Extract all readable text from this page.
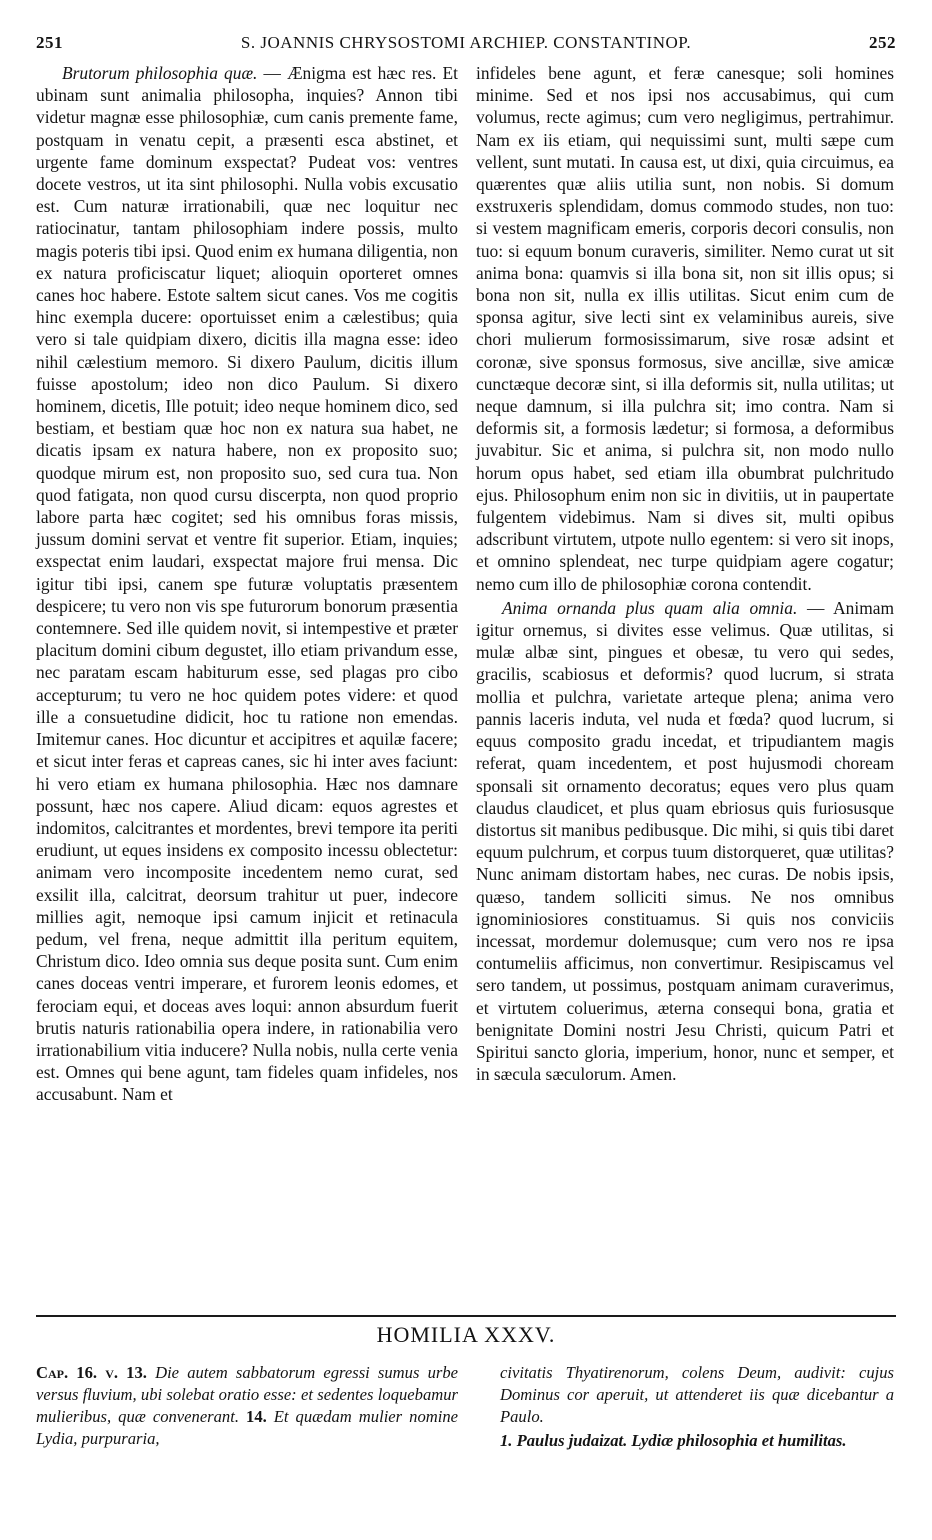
251	S. JOANNIS CHRYSOSTOMI ARCHIEP. CONSTANTINOP.	252

Brutorum philosophia quæ. — Ænigma est hæc res. Et ubinam sunt animalia philosopha, inquies? Annon tibi videtur magnæ esse philosophiæ, cum canis premente fame, postquam in venatu cepit, a præsenti esca abstinet, et urgente fame dominum exspectat? Pudeat vos: ventres docete vestros, ut ita sint philosophi. Nulla vobis excusatio est. Cum naturæ irrationabili, quæ nec loquitur nec ratiocinatur, tantam philosophiam indere possis, multo magis poteris tibi ipsi. Quod enim ex humana diligentia, non ex natura proficiscatur liquet; alioquin oporteret omnes canes hoc habere. Estote saltem sicut canes. Vos me cogitis hinc exempla ducere: oportuisset enim a cælestibus; quia vero si tale quidpiam dixero, dicitis illa magna esse: ideo nihil cælestium memoro. Si dixero Paulum, dicitis illum fuisse apostolum; ideo non dico Paulum. Si dixero hominem, dicetis, Ille potuit; ideo neque hominem dico, sed bestiam, et bestiam quæ hoc non ex natura sua habet, ne dicatis ipsam ex natura habere, non ex proposito suo; quodque mirum est, non proposito suo, sed cura tua. Non quod fatigata, non quod cursu discerpta, non quod proprio labore parta hæc cogitet; sed his omnibus foras missis, jussum domini servat et ventre fit superior. Etiam, inquies; exspectat enim laudari, exspectat majore frui mensa. Dic igitur tibi ipsi, canem spe futuræ voluptatis præsentem despicere; tu vero non vis spe futurorum bonorum præsentia contemnere. Sed ille quidem novit, si intempestive et præter placitum domini cibum degustet, illo etiam privandum esse, nec paratam escam habiturum esse, sed plagas pro cibo accepturum; tu vero ne hoc quidem potes videre: et quod ille a consuetudine didicit, hoc tu ratione non emendas. Imitemur canes. Hoc dicuntur et accipitres et aquilæ facere; et sicut inter feras et capreas canes, sic hi inter aves faciunt: hi vero etiam ex humana philosophia. Hæc nos damnare possunt, hæc nos capere. Aliud dicam: equos agrestes et indomitos, calcitrantes et mordentes, brevi tempore ita periti erudiunt, ut eques insidens ex composito incessu oblectetur: animam vero incomposite incedentem nemo curat, sed exsilit illa, calcitrat, deorsum trahitur ut puer, indecore millies agit, nemoque ipsi camum injicit et retinacula pedum, vel frena, neque admittit illa peritum equitem, Christum dico. Ideo omnia sus deque posita sunt. Cum enim canes doceas ventri imperare, et furorem leonis edomes, et ferociam equi, et doceas aves loqui: annon absurdum fuerit brutis naturis rationabilia opera indere, in rationabilia vero irrationabilium vitia inducere? Nulla nobis, nulla certe venia est. Omnes qui bene agunt, tam fideles quam infideles, nos accusabunt. Nam et

infideles bene agunt, et feræ canesque; soli homines minime. Sed et nos ipsi nos accusabimus, qui cum volumus, recte agimus; cum vero negligimus, pertrahimur. Nam ex iis etiam, qui nequissimi sunt, multi sæpe cum vellent, sunt mutati. In causa est, ut dixi, quia circuimus, ea quærentes quæ aliis utilia sunt, non nobis. Si domum exstruxeris splendidam, domus commodo studes, non tuo: si vestem magnificam emeris, corporis decori consulis, non tuo: si equum bonum curaveris, similiter. Nemo curat ut sit anima bona: quamvis si illa bona sit, non sit illis opus; si bona non sit, nulla ex illis utilitas. Sicut enim cum de sponsa agitur, sive lecti sint ex velaminibus aureis, sive chori mulierum formosissimarum, sive rosæ adsint et coronæ, sive sponsus formosus, sive ancillæ, sive amicæ cunctæque decoræ sint, si illa deformis sit, nulla utilitas; ut neque damnum, si illa pulchra sit; imo contra. Nam si deformis sit, a formosis lædetur; si formosa, a deformibus juvabitur. Sic et anima, si pulchra sit, non modo nullo horum opus habet, sed etiam illa obumbrat pulchritudo ejus. Philosophum enim non sic in divitiis, ut in paupertate fulgentem videbimus. Nam si dives sit, multi opibus adscribunt virtutem, utpote nullo egentem: si vero sit inops, et omnino splendeat, nec turpe quidpiam agere cogatur; nemo cum illo de philosophiæ corona contendit.

Anima ornanda plus quam alia omnia. — Animam igitur ornemus, si divites esse velimus. Quæ utilitas, si mulæ albæ sint, pingues et obesæ, tu vero qui sedes, gracilis, scabiosus et deformis? quod lucrum, si strata mollia et pulchra, varietate arteque plena; anima vero pannis laceris induta, vel nuda et fœda? quod lucrum, si equus composito gradu incedat, et tripudiantem magis referat, quam incedentem, et post hujusmodi choream sponsali sit ornamento decoratus; eques vero plus quam claudus claudicet, et plus quam ebriosus quis furiosusque distortus sit manibus pedibusque. Dic mihi, si quis tibi daret equum pulchrum, et corpus tuum distorqueret, quæ utilitas? Nunc animam distortam habes, nec curas. De nobis ipsis, quæso, tandem solliciti simus. Ne nos omnibus ignominiosiores constituamus. Si quis nos conviciis incessat, mordemur dolemusque; cum vero nos re ipsa contumeliis afficimus, non convertimur. Resipiscamus vel sero tandem, ut possimus, postquam animam curaverimus, et virtutem coluerimus, æterna consequi bona, gratia et benignitate Domini nostri Jesu Christi, quicum Patri et Spiritui sancto gloria, imperium, honor, nunc et semper, et in sæcula sæculorum. Amen.

HOMILIA XXXV.

Cap. 16. v. 13. Die autem sabbatorum egressi sumus urbe versus fluvium, ubi solebat oratio esse: et sedentes loquebamur mulieribus, quæ convenerant. 14. Et quædam mulier nomine Lydia, purpuraria,

civitatis Thyatirenorum, colens Deum, audivit: cujus Dominus cor aperuit, ut attenderet iis quæ dicebantur a Paulo.

1. Paulus judaizat. Lydiæ philosophia et humilitas.
